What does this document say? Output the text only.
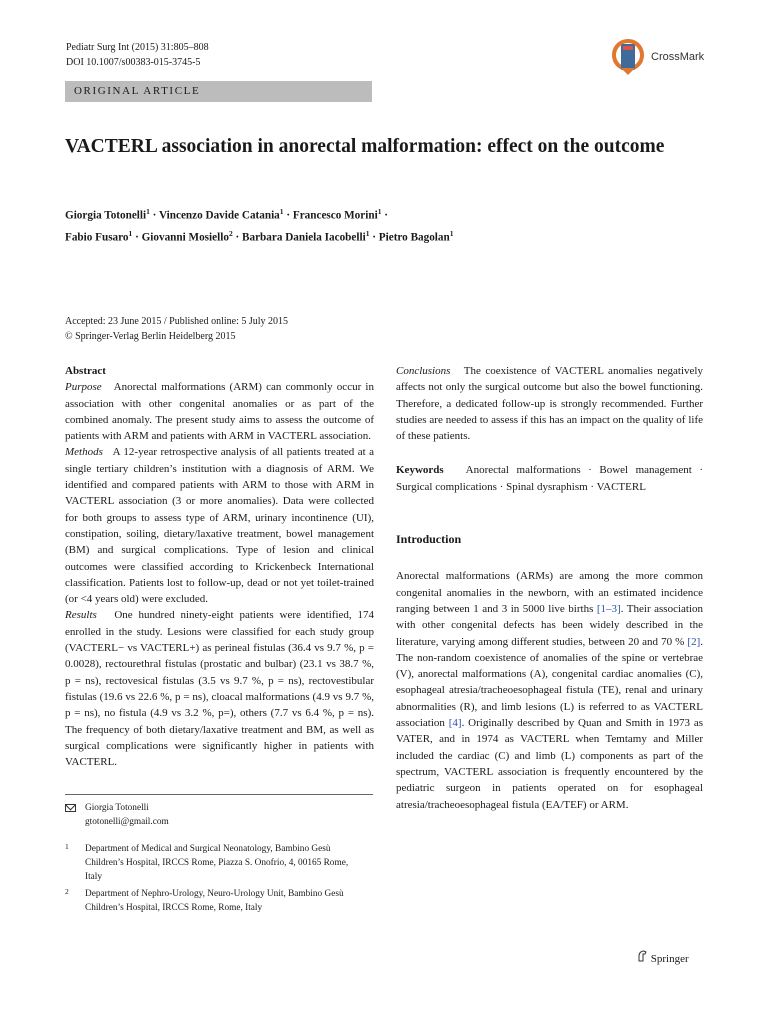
Pediatr Surg Int (2015) 31:805–808
DOI 10.1007/s00383-015-3745-5	CrossMark
ORIGINAL ARTICLE
VACTERL association in anorectal malformation: effect on the outcome
Giorgia Totonelli$^1$ · Vincenzo Davide Catania$^1$ · Francesco Morini$^1$ ·
Fabio Fusaro$^1$ · Giovanni Mosiello$^2$ · Barbara Daniela Iacobelli$^1$ · Pietro Bagolan$^1$
Accepted: 23 June 2015 / Published online: 5 July 2015
© Springer-Verlag Berlin Heidelberg 2015
Abstract

Purpose Anorectal malformations (ARM) can commonly occur in association with other congenital anomalies or as part of the combined anomaly. The present study aims to assess the outcome of patients with ARM and patients with ARM in VACTERL association.

Methods A 12-year retrospective analysis of all patients treated at a single tertiary children’s institution with a diagnosis of ARM. We identified and compared patients with ARM to those with ARM in VACTERL association (3 or more anomalies). Data were collected for both groups to assess type of ARM, urinary incontinence (UI), constipation, soiling, dietary/laxative treatment, bowel management (BM) and surgical complications. Type of lesion and clinical outcomes were classified according to Krickenbeck International classification. Patients lost to follow-up, dead or not yet toilet-trained (or <4 years old) were excluded.

Results One hundred ninety-eight patients were identified, 174 enrolled in the study. Lesions were classified for each study group (VACTERL− vs VACTERL+) as perineal fistulas (36.4 vs 9.7 %, p = 0.0028), rectourethral fistulas (prostatic and bulbar) (23.1 vs 38.7 %, p = ns), rectovesical fistulas (3.5 vs 9.7 %, p = ns), rectovestibular fistulas (19.6 vs 22.6 %, p = ns), cloacal malformations (4.9 vs 9.7 %, p = ns), no fistula (4.9 vs 3.2 %, p=), others (7.7 vs 6.4 %, p = ns). The frequency of both dietary/laxative treatment and BM, as well as surgical complications were significantly higher in patients with VACTERL.

Conclusions The coexistence of VACTERL anomalies negatively affects not only the surgical outcome but also the bowel functioning. Therefore, a dedicated follow-up is strongly recommended. Further studies are needed to assess if this has an impact on the quality of life of these patients.

Keywords Anorectal malformations · Bowel management · Surgical complications · Spinal dysraphism · VACTERL

Introduction

Anorectal malformations (ARMs) are among the more common congenital anomalies in the newborn, with an estimated incidence ranging between 1 and 3 in 5000 live births [1–3]. Their association with other congenital defects has been widely described in the literature, varying among different studies, between 20 and 70 % [2]. The non-random coexistence of anomalies of the spine or vertebrae (V), anorectal malformations (A), congenital cardiac anomalies (C), esophageal atresia/tracheoesophageal fistula (TE), renal and urinary abnormalities (R), and limb lesions (L) is referred to as VACTERL association [4]. Originally described by Quan and Smith in 1973 as VATER, and in 1974 as VACTERL when Temtamy and Miller included the cardiac (C) and limb (L) components as part of the spectrum, VACTERL association is frequently encountered by the pediatric surgeon in patients operated on for esophageal atresia/tracheoesophageal fistula (EA/TEF) or ARM.

Giorgia Totonelli
gtotonelli@gmail.com
1 Department of Medical and Surgical Neonatology, Bambino Gesù Children’s Hospital, IRCCS Rome, Piazza S. Onofrio, 4, 00165 Rome, Italy
2 Department of Nephro-Urology, Neuro-Urology Unit, Bambino Gesù Children’s Hospital, IRCCS Rome, Rome, Italy
Springer
